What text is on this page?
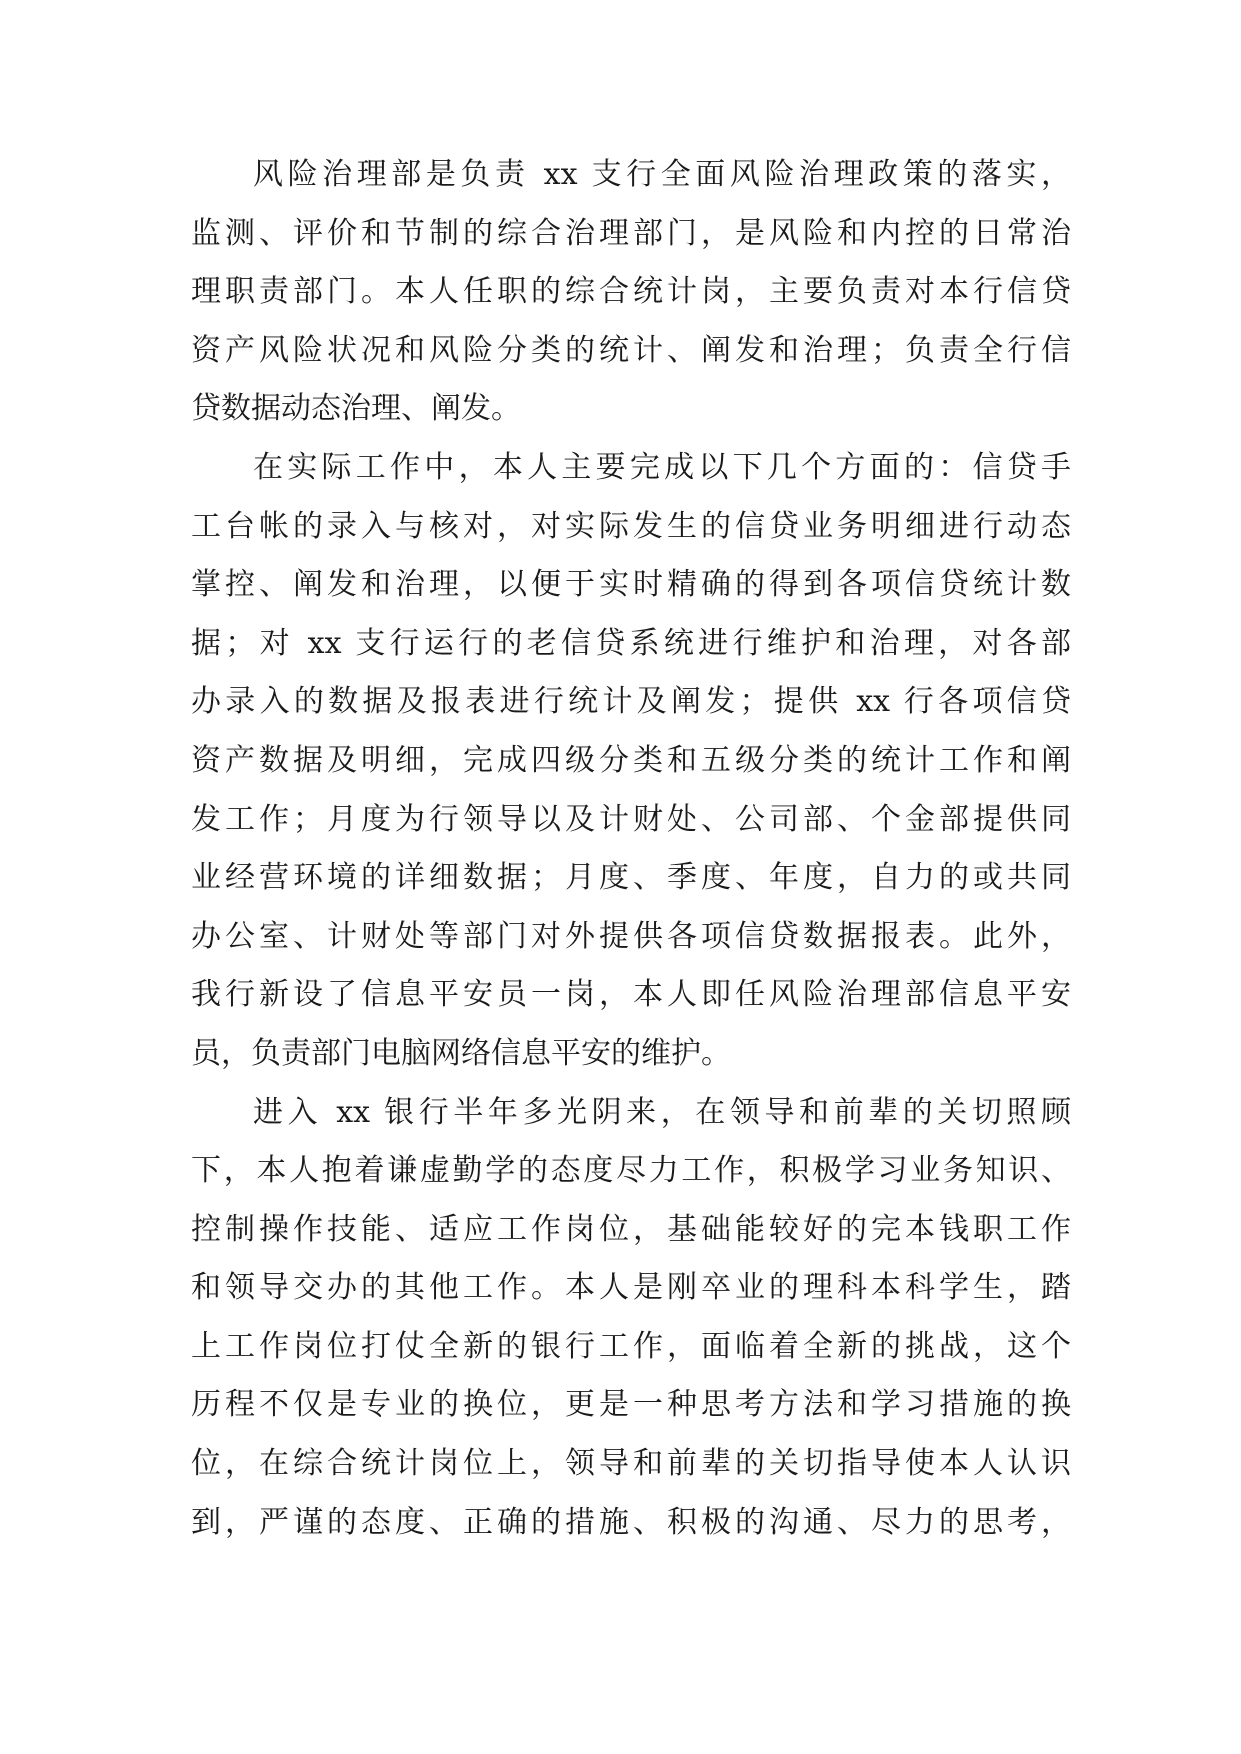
风险治理部是负责 xx 支行全面风险治理政策的落实，
监测、评价和节制的综合治理部门，是风险和内控的日常治
理职责部门。本人任职的综合统计岗，主要负责对本行信贷
资产风险状况和风险分类的统计、阐发和治理；负责全行信
贷数据动态治理、阐发。
在实际工作中，本人主要完成以下几个方面的：信贷手
工台帐的录入与核对，对实际发生的信贷业务明细进行动态
掌控、阐发和治理，以便于实时精确的得到各项信贷统计数
据；对 xx 支行运行的老信贷系统进行维护和治理，对各部
办录入的数据及报表进行统计及阐发；提供 xx 行各项信贷
资产数据及明细，完成四级分类和五级分类的统计工作和阐
发工作；月度为行领导以及计财处、公司部、个金部提供同
业经营环境的详细数据；月度、季度、年度，自力的或共同
办公室、计财处等部门对外提供各项信贷数据报表。此外，
我行新设了信息平安员一岗，本人即任风险治理部信息平安
员，负责部门电脑网络信息平安的维护。
进入 xx 银行半年多光阴来，在领导和前辈的关切照顾
下，本人抱着谦虚勤学的态度尽力工作，积极学习业务知识、
控制操作技能、适应工作岗位，基础能较好的完本钱职工作
和领导交办的其他工作。本人是刚卒业的理科本科学生，踏
上工作岗位打仗全新的银行工作，面临着全新的挑战，这个
历程不仅是专业的换位，更是一种思考方法和学习措施的换
位，在综合统计岗位上，领导和前辈的关切指导使本人认识
到，严谨的态度、正确的措施、积极的沟通、尽力的思考，
